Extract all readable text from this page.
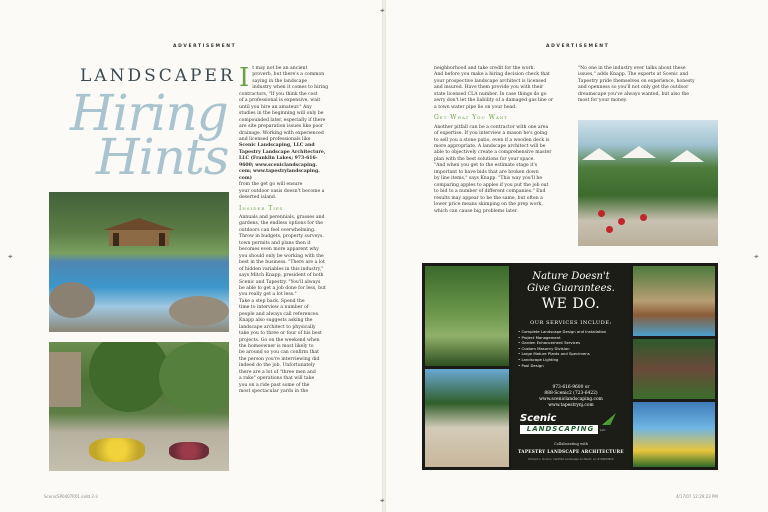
⌖
⌖
⌖	⌖
ADVERTISEMENT	ADVERTISEMENT
LANDSCAPER
Hiring
Hints
I t may not be an ancient
proverb, but there's a common
saying in the landscape
industry when it comes to hiring
contractors, "If you think the cost
of a professional is expensive, wait
until you hire an amateur." Any
studies in the beginning will only be
compounded later, especially if there
are site preparation issues like poor
drainage. Working with experienced
and licensed professionals like
Scenic Landscaping, LLC and
Tapestry Landscape Architecture,
LLC (Franklin Lakes; 973-616-
9600; www.sceniclandscaping.
com; www.tapestrylandscaping.
com)
from the get go will ensure
your outdoor oasis doesn't become a
deserted island.
Insider Tips
Annuals and perennials, grasses and
gardens, the endless options for the
outdoors can feel overwhelming.
Throw in budgets, property surveys,
town permits and plans then it
becomes even more apparent why
you should only be working with the
best in the business. "There are a lot
of hidden variables in this industry,"
says Mitch Knapp, president of both
Scenic and Tapestry. "You'll always
be able to get a job done for less, but
you really get a lot less."
Take a step back. Spend the
time to interview a number of
people and always call references.
Knapp also suggests asking the
landscape architect to physically
take you to three or four of his best
projects. Go on the weekend when
the homeowner is most likely to
be around so you can confirm that
the person you're interviewing did
indeed do the job. Unfortunately
there are a lot of "three men and
a rake" operations that will take
you on a ride past some of the
most spectacular yards in the
neighborhood and take credit for the work.
And before you make a hiring decision check that
your prospective landscape architect is licensed
and insured. Have them provide you with their
state licensed CLA number. In case things do go
awry don't let the liability of a damaged gas line or
a town water pipe lie on your head.
Get What You Want
Another pitfall can be a contractor with one area
of expertise. If you interview a mason he's going
to sell you a stone patio, even if a wooden deck is
more appropriate. A landscape architect will be
able to objectively create a comprehensive master
plan with the best solutions for your space.
"And when you get to the estimate stage it's
important to have bids that are broken down
by line items," says Knapp. "This way you'll be
comparing apples to apples if you put the job out
to bid to a number of different companies." End
results may appear to be the same, but often a
lower price means skimping on the prep work,
which can cause big problems later.
"No one in the industry ever talks about these
issues," adds Knapp. The experts at Scenic and
Tapestry pride themselves on experience, honesty
and openness so you'll not only get the outdoor
dreamscape you've always wanted, but also the
most for your money.
Nature Doesn't
Give Guarantees.
WE DO.
OUR SERVICES INCLUDE:
• Complete Landscape Design and Installation
• Project Management
• Garden Enhancement Services
• Custom Masonry Division
• Large Mature Plants and Specimens
• Landscape Lighting
• Pool Design
973-616-9600 or
888-Scenic2 (723-6422)
www.sceniclandscaping.com
www.tapestrynj.com
Scenic
LANDSCAPING	LLC
Collaborating with
TAPESTRY LANDSCAPE ARCHITECTURE
Richard L. Domini, Certified Landscape Architect, Lic.# 90003824
ScenicSP0407R01.indd 2-3	4/17/07 12:29:23 PM
